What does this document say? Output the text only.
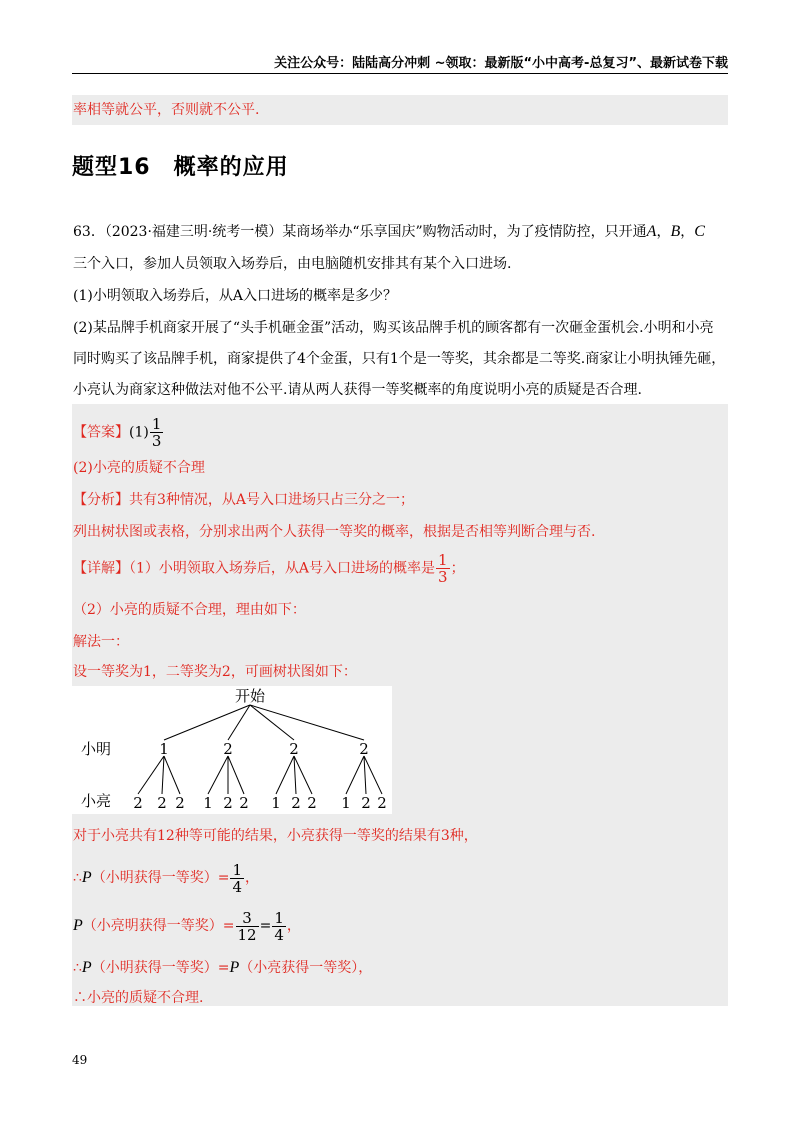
关注公众号：陆陆高分冲刺 ~领取：最新版“小中高考-总复习”、最新试卷下载
率相等就公平，否则就不公平.
题型16　概率的应用
63．（2023·福建三明·统考一模）某商场举办“乐享国庆”购物活动时，为了疫情防控，只开通A，B，C
三个入口，参加人员领取入场券后，由电脑随机安排其有某个入口进场.
(1)小明领取入场券后，从A入口进场的概率是多少？
(2)某品牌手机商家开展了“头手机砸金蛋”活动，购买该品牌手机的顾客都有一次砸金蛋机会.小明和小亮
同时购买了该品牌手机，商家提供了4个金蛋，只有1个是一等奖，其余都是二等奖.商家让小明执锤先砸，
小亮认为商家这种做法对他不公平.请从两人获得一等奖概率的角度说明小亮的质疑是否合理.
【答案】$(1) \frac{1}{3}$
(2)小亮的质疑不合理
【分析】共有3种情况，从A号入口进场只占三分之一；
列出树状图或表格，分别求出两个人获得一等奖的概率，根据是否相等判断合理与否.
【详解】（1）小明领取入场券后，从A号入口进场的概率是 $\frac{1}{3}$ ；
（2）小亮的质疑不合理，理由如下：
解法一：
设一等奖为1，二等奖为2，可画树状图如下：
开始
小明
小亮
1	2	2	2
2 2 2 1 2 2 1 2 2 1 2 2
对于小亮共有12种等可能的结果，小亮获得一等奖的结果有3种，
∴P（小明获得一等奖）= $\frac{1}{4}$ ，
P（小亮明获得一等奖）= $\frac{3}{12} = \frac{1}{4}$ ，
∴P（小明获得一等奖）=P（小亮获得一等奖），
∴小亮的质疑不合理.
49
